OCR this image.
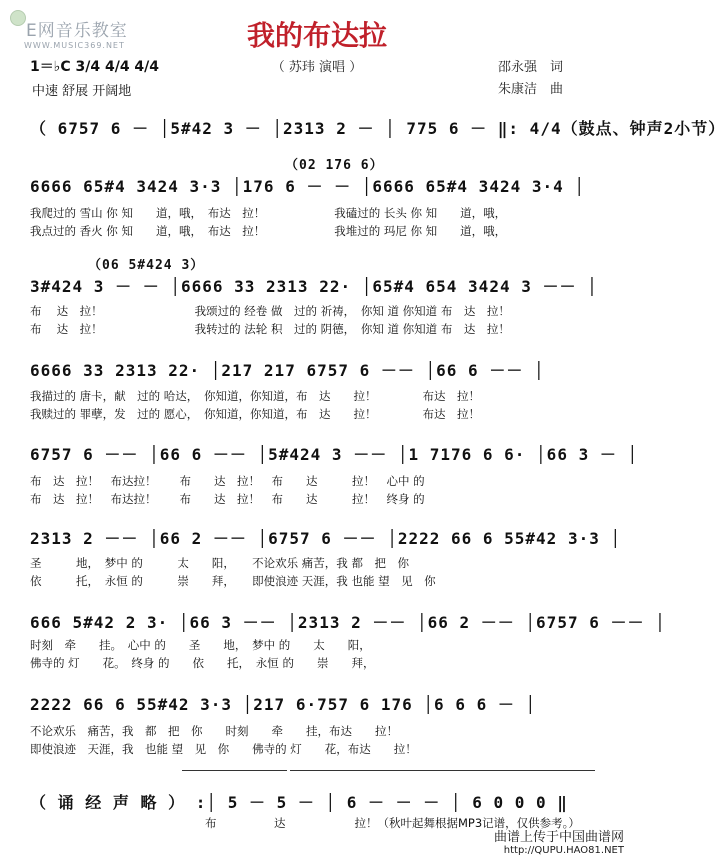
E网音乐教室
WWW.MUSIC369.NET	我的布达拉
（ 苏玮 演唱 ）	邵永强　词
朱康洁　曲
1＝♭C 3/4 4/4 4/4
中速 舒展 开阔地
（ 6757 6 － │5#42 3 － │2313 2 － │ 775 6 － ‖: 4/4（鼓点、钟声2小节）
（02 176 6）
6666 65#4 3424 3·3 │176 6 － － │6666 65#4 3424 3·4 │
我爬过的 雪山 你 知　　道，哦，　布达　拉！　　　　　　我磕过的 长头 你 知　　道，哦，
我点过的 香火 你 知　　道，哦，　布达　拉！　　　　　　我堆过的 玛尼 你 知　　道，哦，
（06 5#424 3）
3#424 3 － － │6666 33 2313 22· │65#4 654 3424 3 －－ │
布　 达　拉！　　　　　　　　我颂过的 经卷 做　过的 祈祷，　你知 道 你知道 布　达　拉！
布　 达　拉！　　　　　　　　我转过的 法轮 积　过的 阴德，　你知 道 你知道 布　达　拉！
6666 33 2313 22· │217 217 6757 6 －－ │66 6 －－ │
我描过的 唐卡，献　过的 哈达，　你知道，你知道，布　达　　拉！　　　　布达　拉！
我赎过的 罪孽，发　过的 愿心，　你知道，你知道，布　达　　拉！　　　　布达　拉！
6757 6 －－ │66 6 －－ │5#424 3 －－ │1 7176 6 6· │66 3 － │
布　达　拉！　布达拉！　　布　　达　拉！　布　　达　　　拉！　心中 的
布　达　拉！　布达拉！　　布　　达　拉！　布　　达　　　拉！　终身 的
2313 2 －－ │66 2 －－ │6757 6 －－ │2222 66 6 55#42 3·3 │
圣　　　地，　梦中 的　　　太　　阳，　　不论欢乐 痛苦，我 都　把　你
依　　　托，　永恒 的　　　崇　　拜，　　即使浪迹 天涯，我 也能 望　见　你
666 5#42 2 3· │66 3 －－ │2313 2 －－ │66 2 －－ │6757 6 －－ │
时刻　牵　　挂。　心中 的　　圣　　地，　梦中 的　　太　　阳，
佛寺的 灯　　花。　终身 的　　依　　托，　永恒 的　　崇　　拜，
2222 66 6 55#42 3·3 │217 6·757 6 176 │6 6 6 － │
不论欢乐　痛苦，我　都　把　你　　时刻　　牵　　挂，布达　　拉！
即使浪迹　天涯，我　也能 望　见　你　　佛寺的 灯　　花，布达　　拉！
（ 诵 经 声 略 ） :│ 5 － 5 － │ 6 － － － │ 6 0 0 0 ‖
布　　　　　达　　　　　　拉！（秋叶起舞根据MP3记谱，仅供参考。）
曲谱上传于中国曲谱网
http://QUPU.HAO81.NET
